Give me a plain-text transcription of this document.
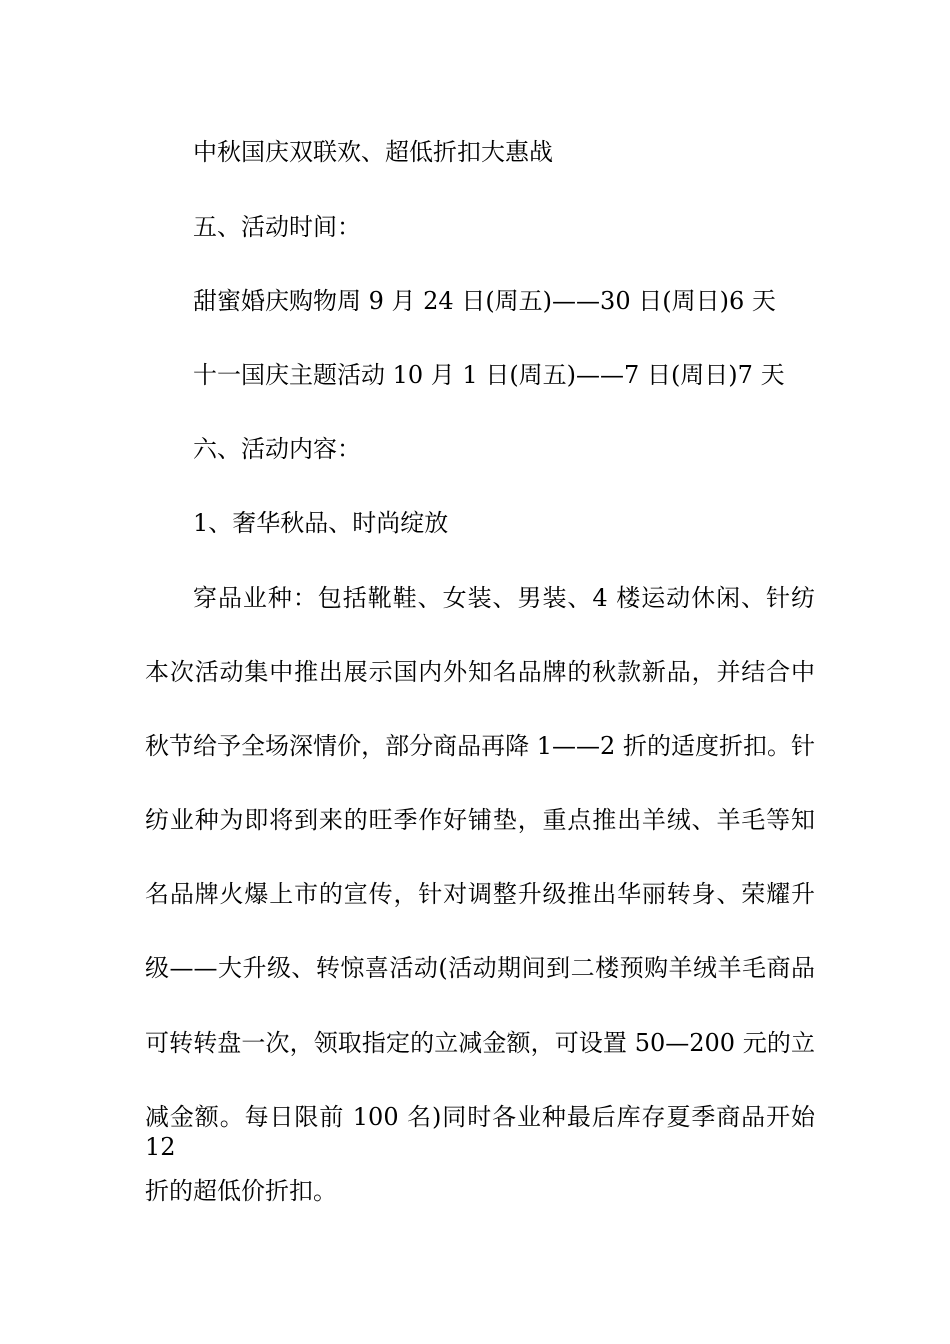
中秋国庆双联欢、超低折扣大惠战
五、活动时间：
甜蜜婚庆购物周 9 月 24 日(周五)——30 日(周日)6 天
十一国庆主题活动 10 月 1 日(周五)——7 日(周日)7 天
六、活动内容：
1、奢华秋品、时尚绽放
穿品业种：包括靴鞋、女装、男装、4 楼运动休闲、针纺
本次活动集中推出展示国内外知名品牌的秋款新品，并结合中
秋节给予全场深情价，部分商品再降 1——2 折的适度折扣。针
纺业种为即将到来的旺季作好铺垫，重点推出羊绒、羊毛等知
名品牌火爆上市的宣传，针对调整升级推出华丽转身、荣耀升
级——大升级、转惊喜活动(活动期间到二楼预购羊绒羊毛商品
可转转盘一次，领取指定的立减金额，可设置 50—200 元的立
减金额。每日限前 100 名)同时各业种最后库存夏季商品开始 12
折的超低价折扣。
